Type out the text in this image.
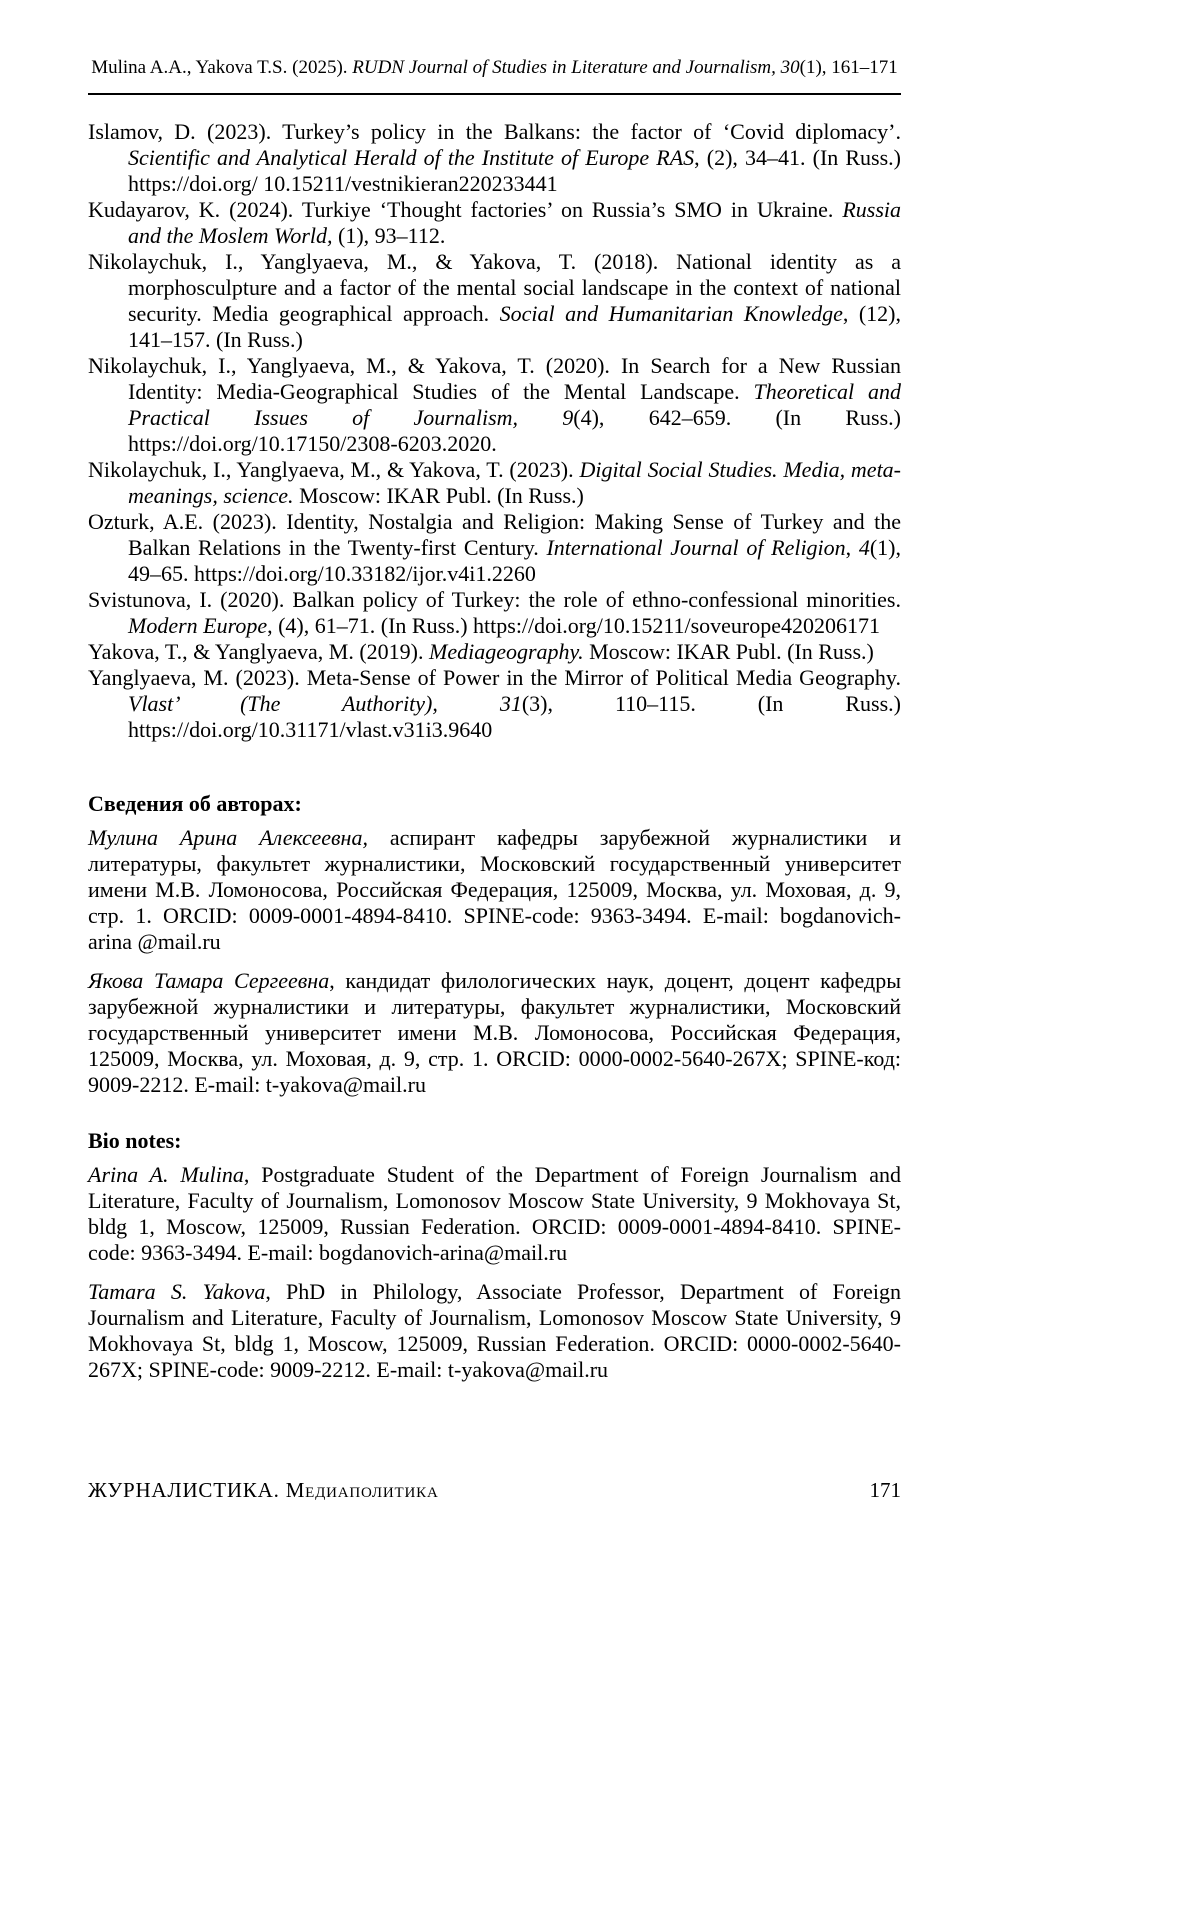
Mulina A.A., Yakova T.S. (2025). RUDN Journal of Studies in Literature and Journalism, 30(1), 161–171

Islamov, D. (2023). Turkey’s policy in the Balkans: the factor of ‘Covid diplomacy’. Scientific and Analytical Herald of the Institute of Europe RAS, (2), 34–41. (In Russ.) https://doi.org/ 10.15211/vestnikieran220233441

Kudayarov, K. (2024). Turkiye ‘Thought factories’ on Russia’s SMO in Ukraine. Russia and the Moslem World, (1), 93–112.

Nikolaychuk, I., Yanglyaeva, M., & Yakova, T. (2018). National identity as a morphosculpture and a factor of the mental social landscape in the context of national security. Media geographical approach. Social and Humanitarian Knowledge, (12), 141–157. (In Russ.)

Nikolaychuk, I., Yanglyaeva, M., & Yakova, T. (2020). In Search for a New Russian Identity: Media-Geographical Studies of the Mental Landscape. Theoretical and Practical Issues of Journalism, 9(4), 642–659. (In Russ.) https://doi.org/10.17150/2308-6203.2020.

Nikolaychuk, I., Yanglyaeva, M., & Yakova, T. (2023). Digital Social Studies. Media, meta-meanings, science. Moscow: IKAR Publ. (In Russ.)

Ozturk, A.E. (2023). Identity, Nostalgia and Religion: Making Sense of Turkey and the Balkan Relations in the Twenty-first Century. International Journal of Religion, 4(1), 49–65. https://doi.org/10.33182/ijor.v4i1.2260

Svistunova, I. (2020). Balkan policy of Turkey: the role of ethno-confessional minorities. Modern Europe, (4), 61–71. (In Russ.) https://doi.org/10.15211/soveurope420206171

Yakova, T., & Yanglyaeva, M. (2019). Mediageography. Moscow: IKAR Publ. (In Russ.)

Yanglyaeva, M. (2023). Meta-Sense of Power in the Mirror of Political Media Geography. Vlast’ (The Authority), 31(3), 110–115. (In Russ.) https://doi.org/10.31171/vlast.v31i3.9640

Сведения об авторах:

Мулина Арина Алексеевна, аспирант кафедры зарубежной журналистики и литературы, факультет журналистики, Московский государственный университет имени М.В. Ломоносова, Российская Федерация, 125009, Москва, ул. Моховая, д. 9, стр. 1. ORCID: 0009-0001-4894-8410. SPINE-code: 9363-3494. E-mail: bogdanovich-arina @mail.ru

Якова Тамара Сергеевна, кандидат филологических наук, доцент, доцент кафедры зарубежной журналистики и литературы, факультет журналистики, Московский государственный университет имени М.В. Ломоносова, Российская Федерация, 125009, Москва, ул. Моховая, д. 9, стр. 1. ORCID: 0000-0002-5640-267X; SPINE-код: 9009-2212. E-mail: t-yakova@mail.ru

Bio notes:

Arina A. Mulina, Postgraduate Student of the Department of Foreign Journalism and Literature, Faculty of Journalism, Lomonosov Moscow State University, 9 Mokhovaya St, bldg 1, Moscow, 125009, Russian Federation. ORCID: 0009-0001-4894-8410. SPINE-code: 9363-3494. E-mail: bogdanovich-arina@mail.ru

Tamara S. Yakova, PhD in Philology, Associate Professor, Department of Foreign Journalism and Literature, Faculty of Journalism, Lomonosov Moscow State University, 9 Mokhovaya St, bldg 1, Moscow, 125009, Russian Federation. ORCID: 0000-0002-5640-267X; SPINE-code: 9009-2212. E-mail: t-yakova@mail.ru

ЖУРНАЛИСТИКА. Медиаполитика	171
